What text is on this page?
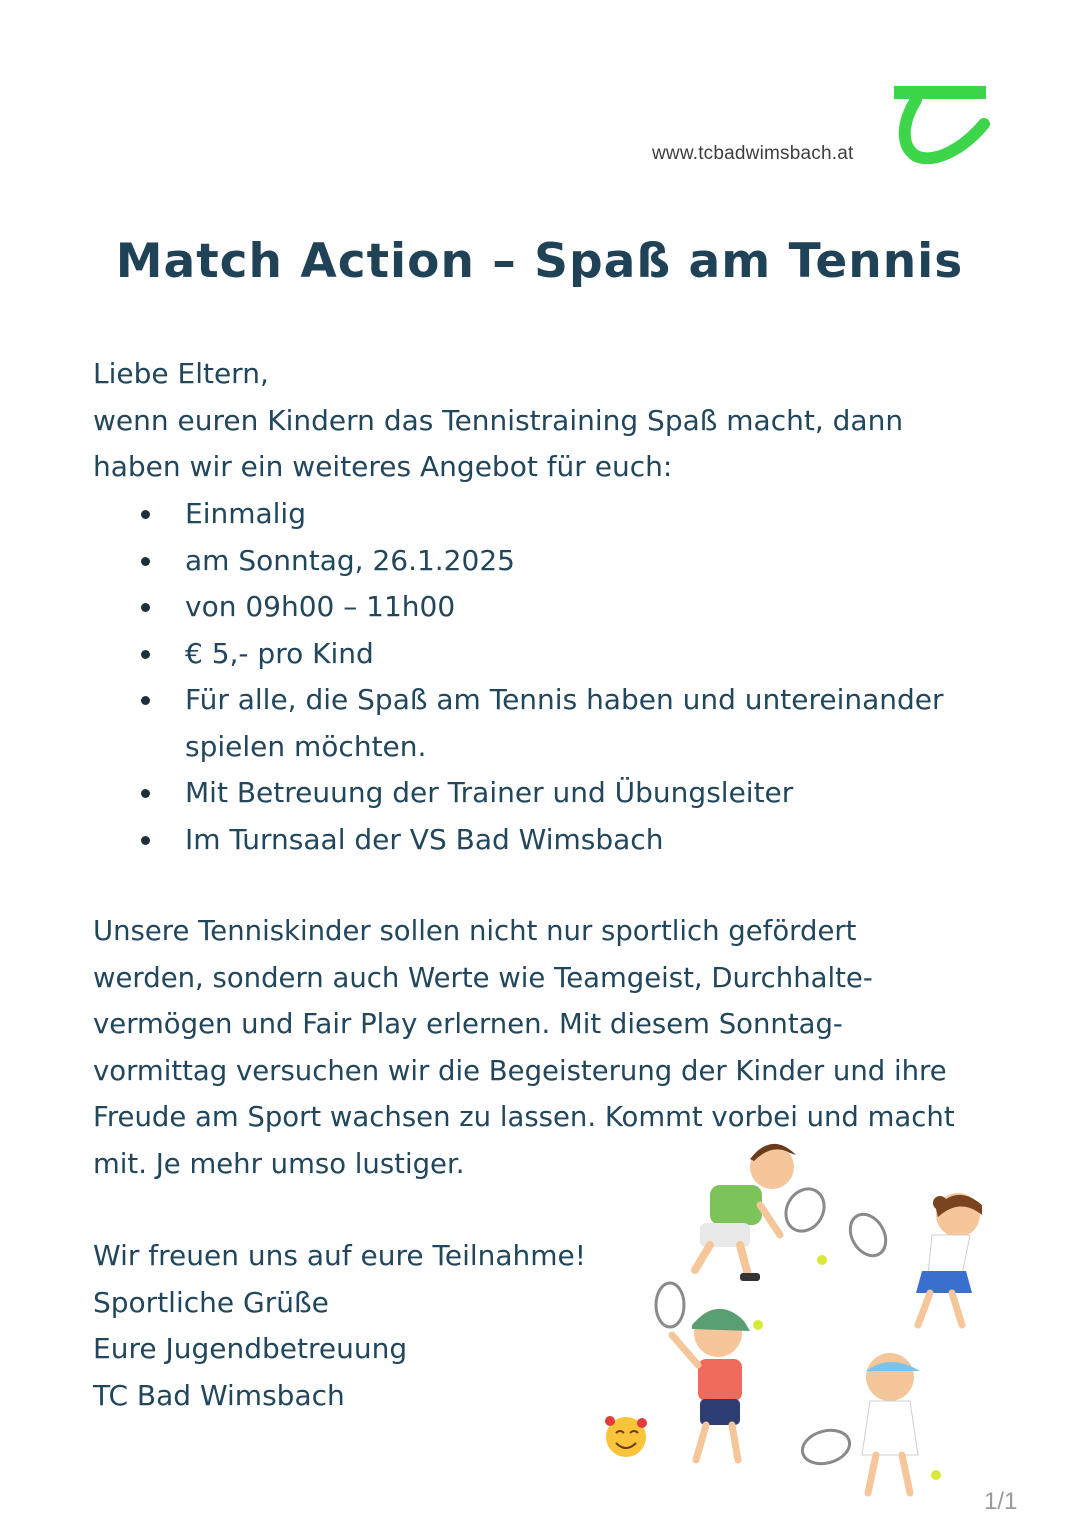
www.tcbadwimsbach.at
Match Action – Spaß am Tennis
Liebe Eltern,
wenn euren Kindern das Tennistraining Spaß macht, dann
haben wir ein weiteres Angebot für euch:
Einmalig
am Sonntag, 26.1.2025
von 09h00 – 11h00
€ 5,- pro Kind
Für alle, die Spaß am Tennis haben und untereinander
spielen möchten.
Mit Betreuung der Trainer und Übungsleiter
Im Turnsaal der VS Bad Wimsbach
Unsere Tenniskinder sollen nicht nur sportlich gefördert
werden, sondern auch Werte wie Teamgeist, Durchhalte-
vermögen und Fair Play erlernen. Mit diesem Sonntag-
vormittag versuchen wir die Begeisterung der Kinder und ihre
Freude am Sport wachsen zu lassen. Kommt vorbei und macht
mit. Je mehr umso lustiger.
Wir freuen uns auf eure Teilnahme!
Sportliche Grüße
Eure Jugendbetreuung
TC Bad Wimsbach
1/1
